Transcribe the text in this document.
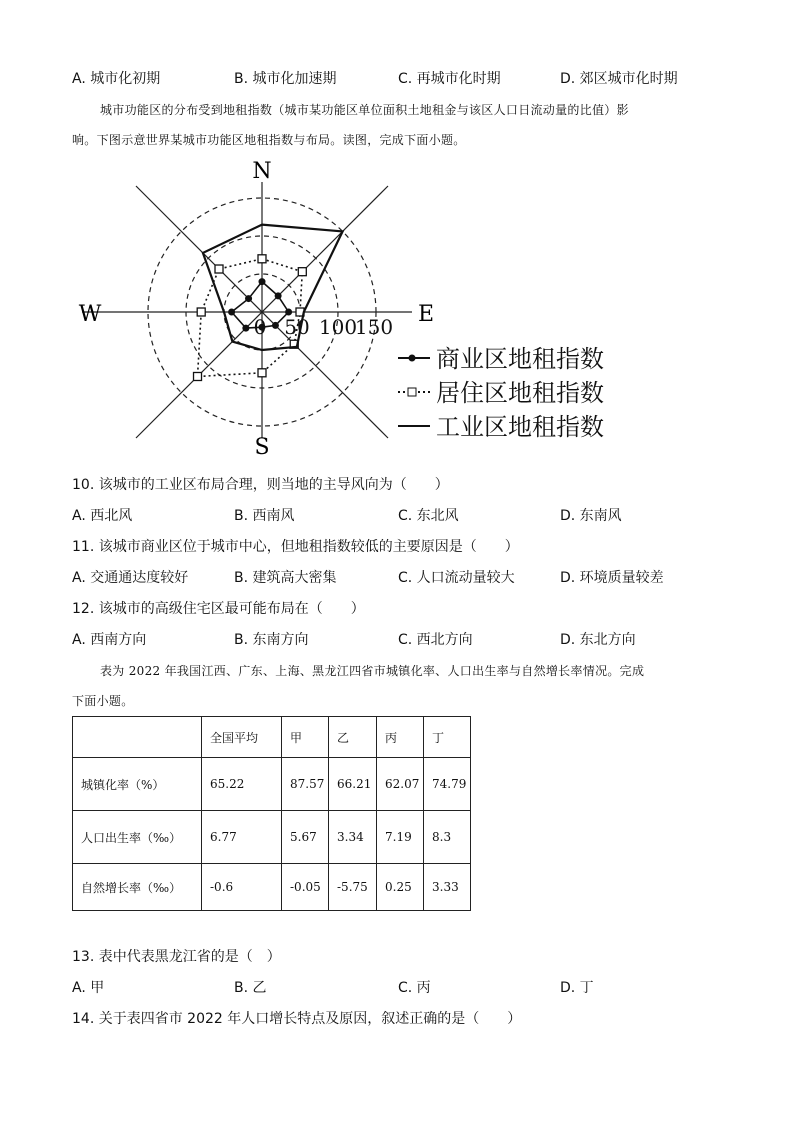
A. 城市化初期	B. 城市化加速期	C. 再城市化时期	D. 郊区城市化时期
城市功能区的分布受到地租指数（城市某功能区单位面积土地租金与该区人口日流动量的比值）影
响。下图示意世界某城市功能区地租指数与布局。读图，完成下面小题。
N
S
E
W	0 50 100
150
商业区地租指数
居住区地租指数
工业区地租指数
10. 该城市的工业区布局合理，则当地的主导风向为（　　）
A. 西北风	B. 西南风	C. 东北风	D. 东南风
11. 该城市商业区位于城市中心，但地租指数较低的主要原因是（　　）
A. 交通通达度较好	B. 建筑高大密集	C. 人口流动量较大	D. 环境质量较差
12. 该城市的高级住宅区最可能布局在（　　）
A. 西南方向	B. 东南方向	C. 西北方向	D. 东北方向
表为 2022 年我国江西、广东、上海、黑龙江四省市城镇化率、人口出生率与自然增长率情况。完成
下面小题。
	全国平均	甲	乙	丙	丁
城镇化率（%）	65.22	87.57	66.21	62.07	74.79
人口出生率（‰）	6.77	5.67	3.34	7.19	8.3
自然增长率（‰）	-0.6	-0.05	-5.75	0.25	3.33
13. 表中代表黑龙江省的是（　）
A. 甲	B. 乙	C. 丙	D. 丁
14. 关于表四省市 2022 年人口增长特点及原因，叙述正确的是（　　）
